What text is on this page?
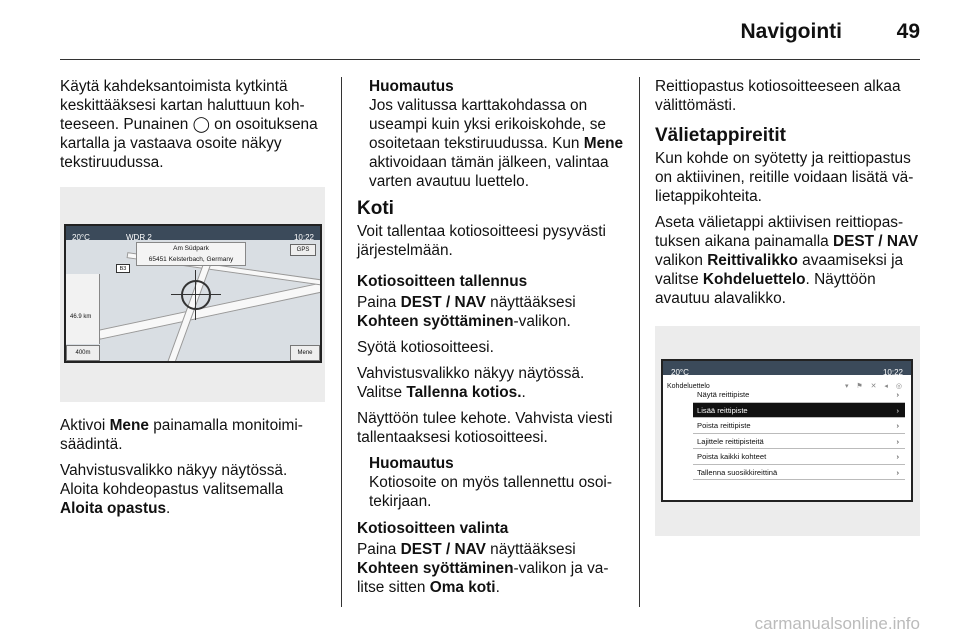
Navigointi	49

Käytä kahdeksantoimista kytkintä keskittääksesi kartan haluttuun koh-teeseen. Punainen ◯ on osoituksena kartalla ja vastaava osoite näkyy tekstiruudussa.

20°C	WDR 2	10:22
Am Südpark
65451 Kelsterbach, Germany
GPS
B3
46.9 km
400m	Mene

Aktivoi Mene painamalla monitoimi-säädintä.

Vahvistusvalikko näkyy näytössä. Aloita kohdeopastus valitsemalla Aloita opastus.

Huomautus
Jos valitussa karttakohdassa on useampi kuin yksi erikoiskohde, se osoitetaan tekstiruudussa. Kun Mene aktivoidaan tämän jälkeen, valintaa varten avautuu luettelo.
Koti

Voit tallentaa kotiosoitteesi pysyvästi järjestelmään.

Kotiosoitteen tallennus

Paina DEST / NAV näyttääksesi Kohteen syöttäminen-valikon.

Syötä kotiosoitteesi.

Vahvistusvalikko näkyy näytössä. Valitse Tallenna kotios..

Näyttöön tulee kehote. Vahvista viesti tallentaaksesi kotiosoitteesi.

Huomautus
Kotiosoite on myös tallennettu osoi-tekirjaan.
Kotiosoitteen valinta

Paina DEST / NAV näyttääksesi Kohteen syöttäminen-valikon ja va-litse sitten Oma koti.

Reittiopastus kotiosoitteeseen alkaa välittömästi.

Välietappireitit

Kun kohde on syötetty ja reittiopastus on aktiivinen, reitille voidaan lisätä vä-lietappikohteita.

Aseta välietappi aktiivisen reittiopas-tuksen aikana painamalla DEST / NAV valikon Reittivalikko avaamiseksi ja valitse Kohdeluettelo. Näyttöön avautuu alavalikko.

20°C	10:22
Kohdeluettelo	▾ ⚑ ✕ ◂ ◎
Näytä reittipiste	›
Lisää reittipiste	›
Poista reittipiste	›
Lajittele reittipisteitä	›
Poista kaikki kohteet	›
Tallenna suosikkireittinä	›
carmanualsonline.info
